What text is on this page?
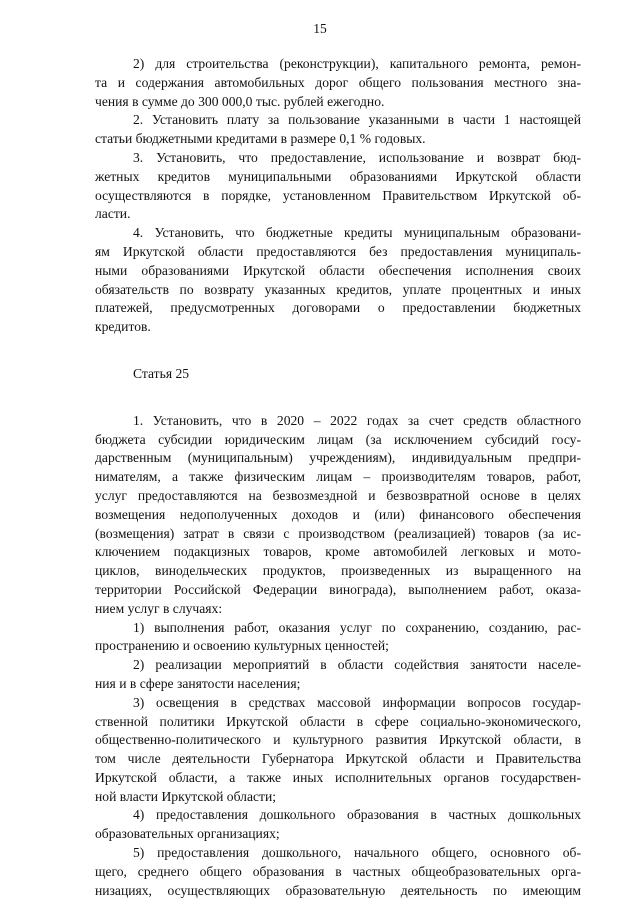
15

2) для строительства (реконструкции), капитального ремонта, ремон-
та и содержания автомобильных дорог общего пользования местного зна-
чения в сумме до 300 000,0 тыс. рублей ежегодно.

2. Установить плату за пользование указанными в части 1 настоящей
статьи бюджетными кредитами в размере 0,1 % годовых.

3. Установить, что предоставление, использование и возврат бюд-
жетных кредитов муниципальными образованиями Иркутской области
осуществляются в порядке, установленном Правительством Иркутской об-
ласти.

4. Установить, что бюджетные кредиты муниципальным образовани-
ям Иркутской области предоставляются без предоставления муниципаль-
ными образованиями Иркутской области обеспечения исполнения своих
обязательств по возврату указанных кредитов, уплате процентных и иных
платежей, предусмотренных договорами о предоставлении бюджетных
кредитов.

Статья 25

1. Установить, что в 2020 – 2022 годах за счет средств областного
бюджета субсидии юридическим лицам (за исключением субсидий госу-
дарственным (муниципальным) учреждениям), индивидуальным предпри-
нимателям, а также физическим лицам – производителям товаров, работ,
услуг предоставляются на безвозмездной и безвозвратной основе в целях
возмещения недополученных доходов и (или) финансового обеспечения
(возмещения) затрат в связи с производством (реализацией) товаров (за ис-
ключением подакцизных товаров, кроме автомобилей легковых и мото-
циклов, винодельческих продуктов, произведенных из выращенного на
территории Российской Федерации винограда), выполнением работ, оказа-
нием услуг в случаях:

1) выполнения работ, оказания услуг по сохранению, созданию, рас-
пространению и освоению культурных ценностей;

2) реализации мероприятий в области содействия занятости населе-
ния и в сфере занятости населения;

3) освещения в средствах массовой информации вопросов государ-
ственной политики Иркутской области в сфере социально-экономического,
общественно-политического и культурного развития Иркутской области, в
том числе деятельности Губернатора Иркутской области и Правительства
Иркутской области, а также иных исполнительных органов государствен-
ной власти Иркутской области;

4) предоставления дошкольного образования в частных дошкольных
образовательных организациях;

5) предоставления дошкольного, начального общего, основного об-
щего, среднего общего образования в частных общеобразовательных орга-
низациях, осуществляющих образовательную деятельность по имеющим
